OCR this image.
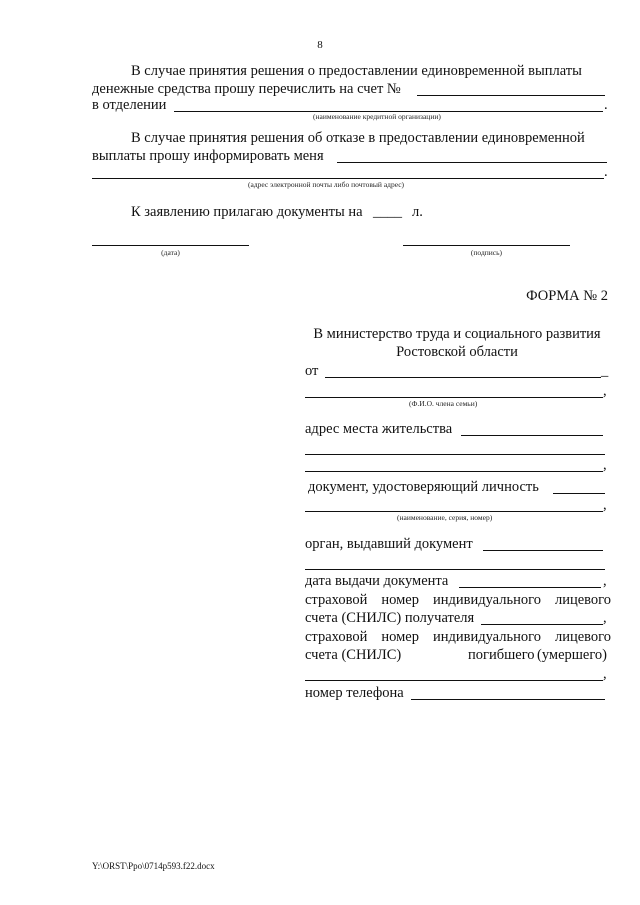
8
В случае принятия решения о предоставлении единовременной выплаты
денежные средства прошу перечислить на счет №
в отделении	.
(наименование кредитной организации)
В случае принятия решения об отказе в предоставлении единовременной
выплаты прошу информировать меня
.
(адрес электронной почты либо почтовый адрес)
К заявлению прилагаю документы на ____ л.
(дата)	(подпись)
ФОРМА № 2
В министерство труда и социального развития
Ростовской области
от	_
,
(Ф.И.О. члена семьи)
адрес места жительства
,
документ, удостоверяющий личность
,
(наименование, серия, номер)
орган, выдавший документ
дата выдачи документа	,
страховой номер индивидуального лицевого
счета (СНИЛС) получателя	,
страховой номер индивидуального лицевого
счета (СНИЛС)	погибшего (умершего)
,
номер телефона
Y:\ORST\Ppo\0714p593.f22.docx
